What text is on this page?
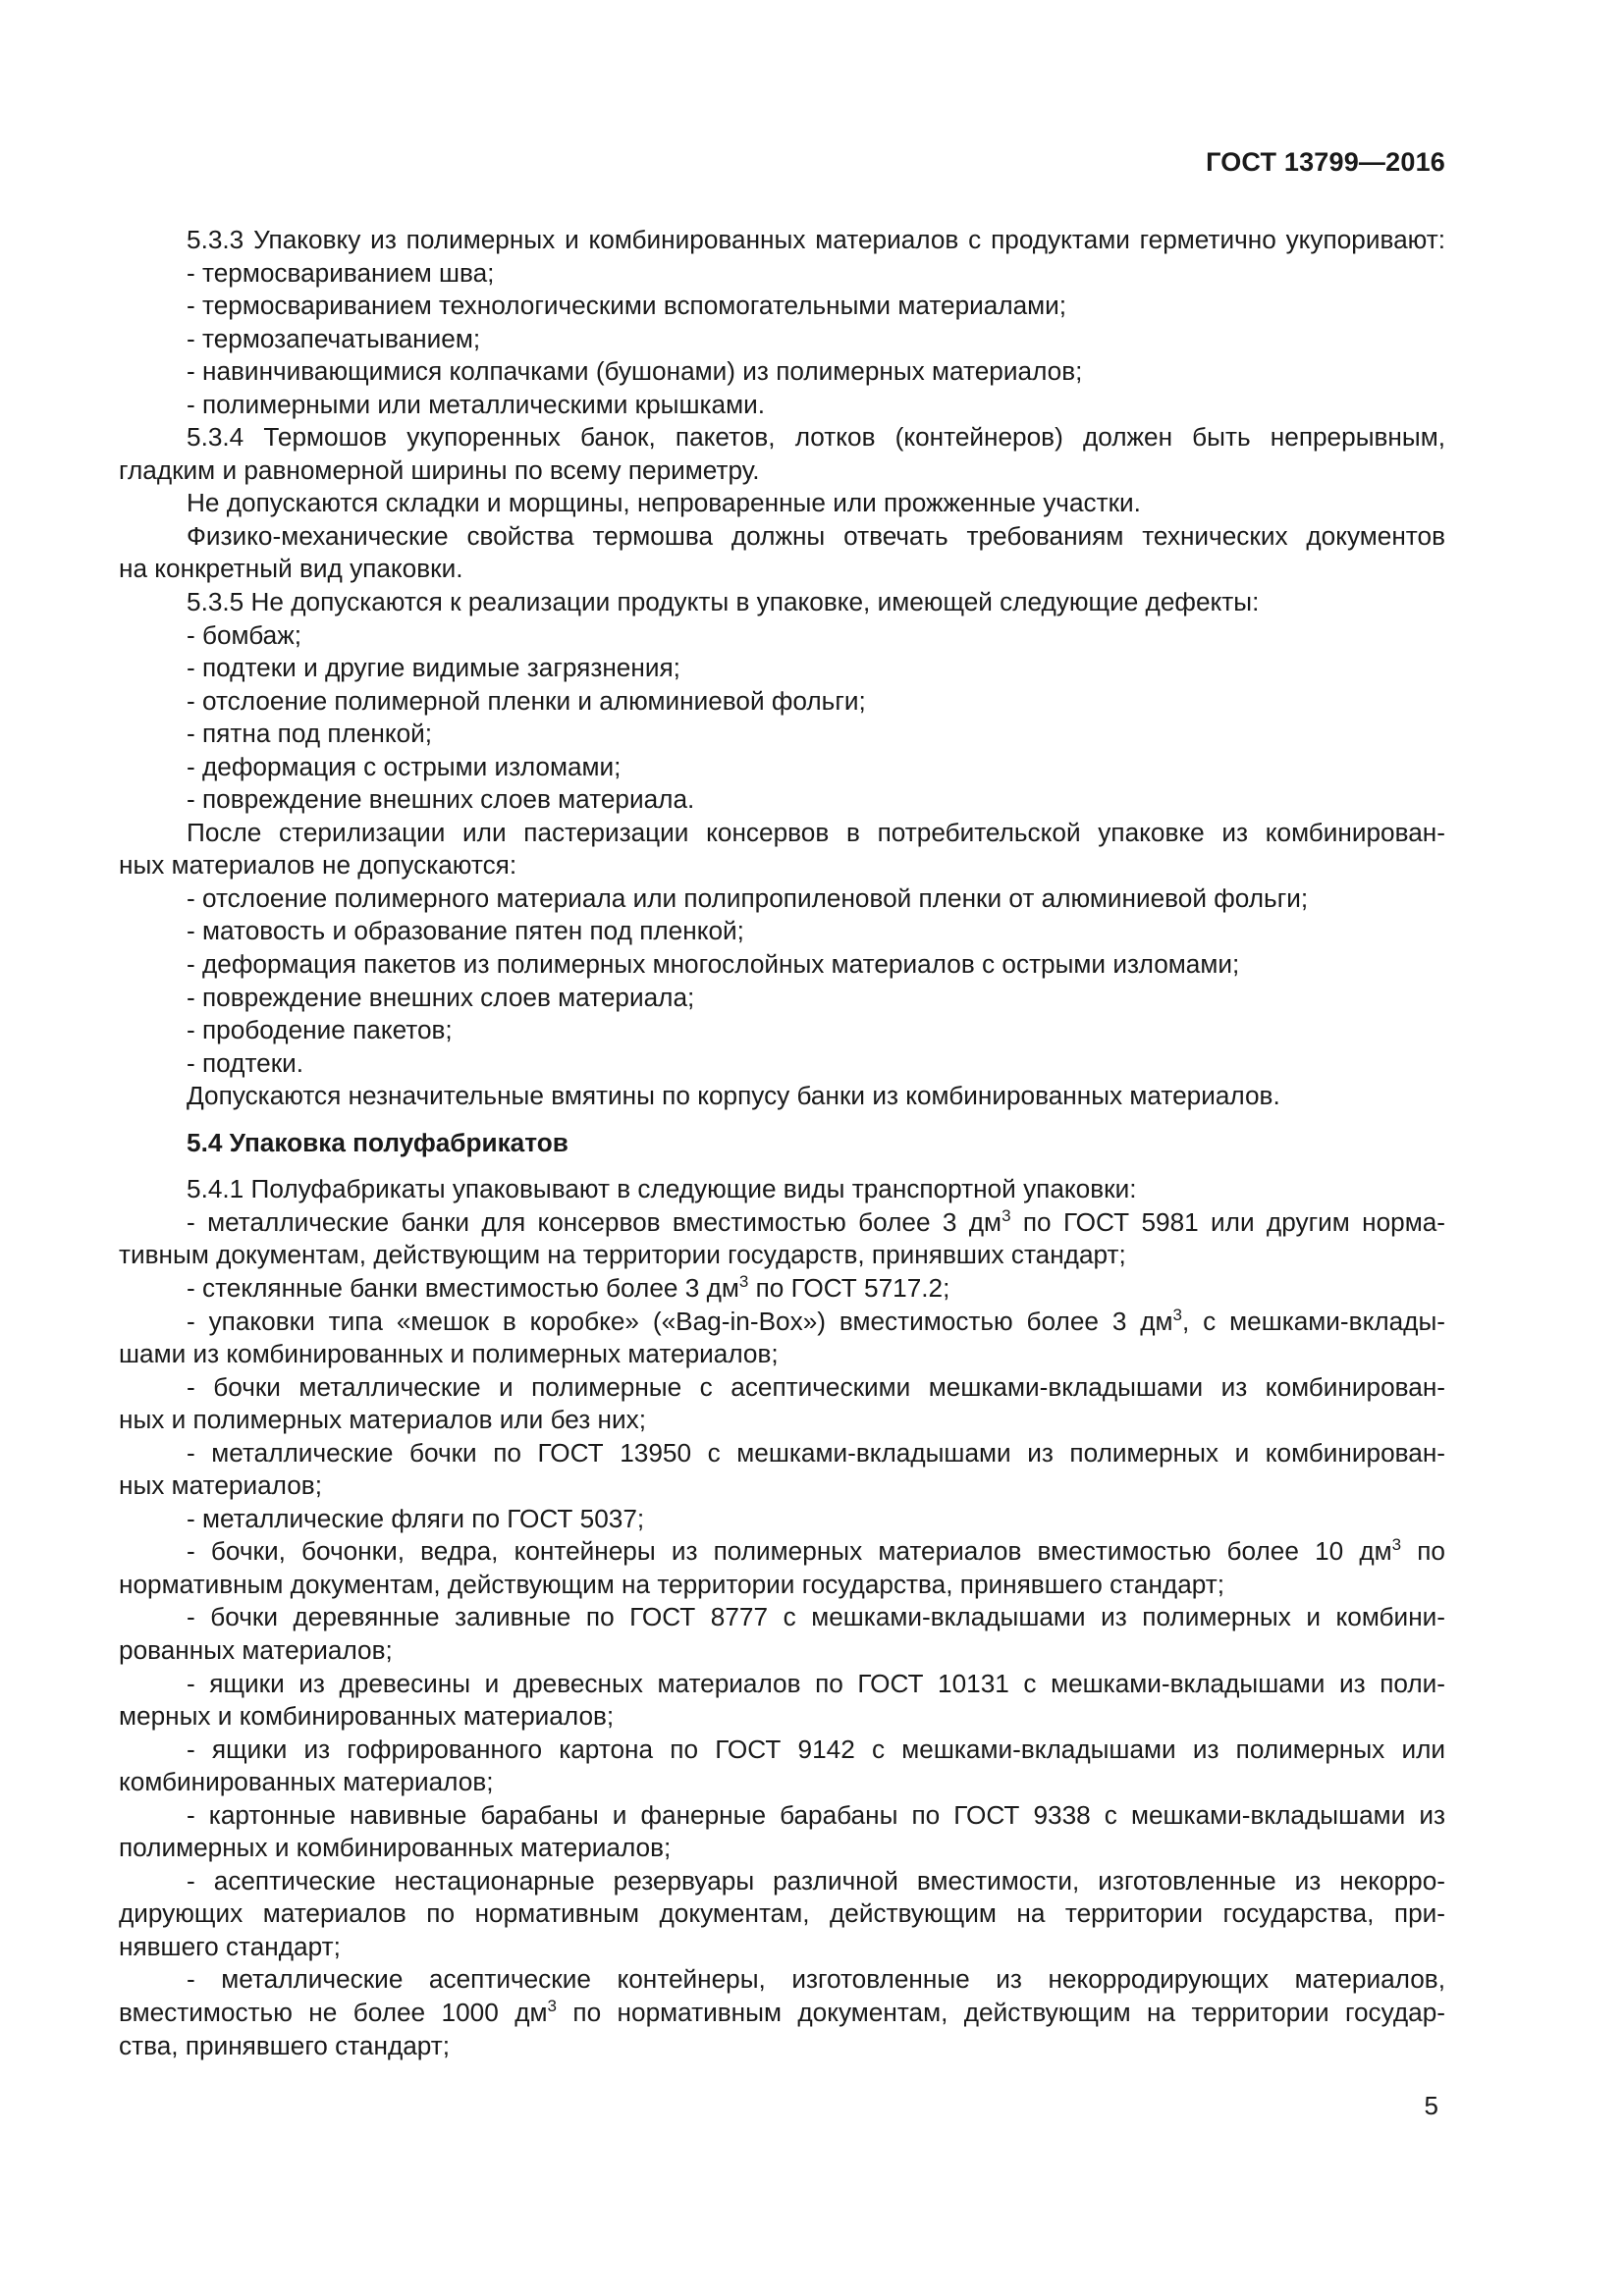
ГОСТ 13799—2016
5.3.3 Упаковку из полимерных и комбинированных материалов с продуктами герметично укупоривают:
- термосвариванием шва;
- термосвариванием технологическими вспомогательными материалами;
- термозапечатыванием;
- навинчивающимися колпачками (бушонами) из полимерных материалов;
- полимерными или металлическими крышками.
5.3.4 Термошов укупоренных банок, пакетов, лотков (контейнеров) должен быть непрерывным,
гладким и равномерной ширины по всему периметру.
Не допускаются складки и морщины, непроваренные или прожженные участки.
Физико-механические свойства термошва должны отвечать требованиям технических документов
на конкретный вид упаковки.
5.3.5 Не допускаются к реализации продукты в упаковке, имеющей следующие дефекты:
- бомбаж;
- подтеки и другие видимые загрязнения;
- отслоение полимерной пленки и алюминиевой фольги;
- пятна под пленкой;
- деформация с острыми изломами;
- повреждение внешних слоев материала.
После стерилизации или пастеризации консервов в потребительской упаковке из комбинирован-
ных материалов не допускаются:
- отслоение полимерного материала или полипропиленовой пленки от алюминиевой фольги;
- матовость и образование пятен под пленкой;
- деформация пакетов из полимерных многослойных материалов с острыми изломами;
- повреждение внешних слоев материала;
- прободение пакетов;
- подтеки.
Допускаются незначительные вмятины по корпусу банки из комбинированных материалов.
5.4 Упаковка полуфабрикатов
5.4.1 Полуфабрикаты упаковывают в следующие виды транспортной упаковки:
- металлические банки для консервов вместимостью более 3 $дм^3$ по ГОСТ 5981 или другим норма-
тивным документам, действующим на территории государств, принявших стандарт;
- стеклянные банки вместимостью более 3 $дм^3$ по ГОСТ 5717.2;
- упаковки типа «мешок в коробке» («Bag-in-Box») вместимостью более 3 $дм^3$, с мешками-вклады-
шами из комбинированных и полимерных материалов;
- бочки металлические и полимерные с асептическими мешками-вкладышами из комбинирован-
ных и полимерных материалов или без них;
- металлические бочки по ГОСТ 13950 с мешками-вкладышами из полимерных и комбинирован-
ных материалов;
- металлические фляги по ГОСТ 5037;
- бочки, бочонки, ведра, контейнеры из полимерных материалов вместимостью более 10 $дм^3$ по
нормативным документам, действующим на территории государства, принявшего стандарт;
- бочки деревянные заливные по ГОСТ 8777 с мешками-вкладышами из полимерных и комбини-
рованных материалов;
- ящики из древесины и древесных материалов по ГОСТ 10131 с мешками-вкладышами из поли-
мерных и комбинированных материалов;
- ящики из гофрированного картона по ГОСТ 9142 с мешками-вкладышами из полимерных или
комбинированных материалов;
- картонные навивные барабаны и фанерные барабаны по ГОСТ 9338 с мешками-вкладышами из
полимерных и комбинированных материалов;
- асептические нестационарные резервуары различной вместимости, изготовленные из некорро-
дирующих материалов по нормативным документам, действующим на территории государства, при-
нявшего стандарт;
- металлические асептические контейнеры, изготовленные из некорродирующих материалов,
вместимостью не более 1000 $дм^3$ по нормативным документам, действующим на территории государ-
ства, принявшего стандарт;
5
